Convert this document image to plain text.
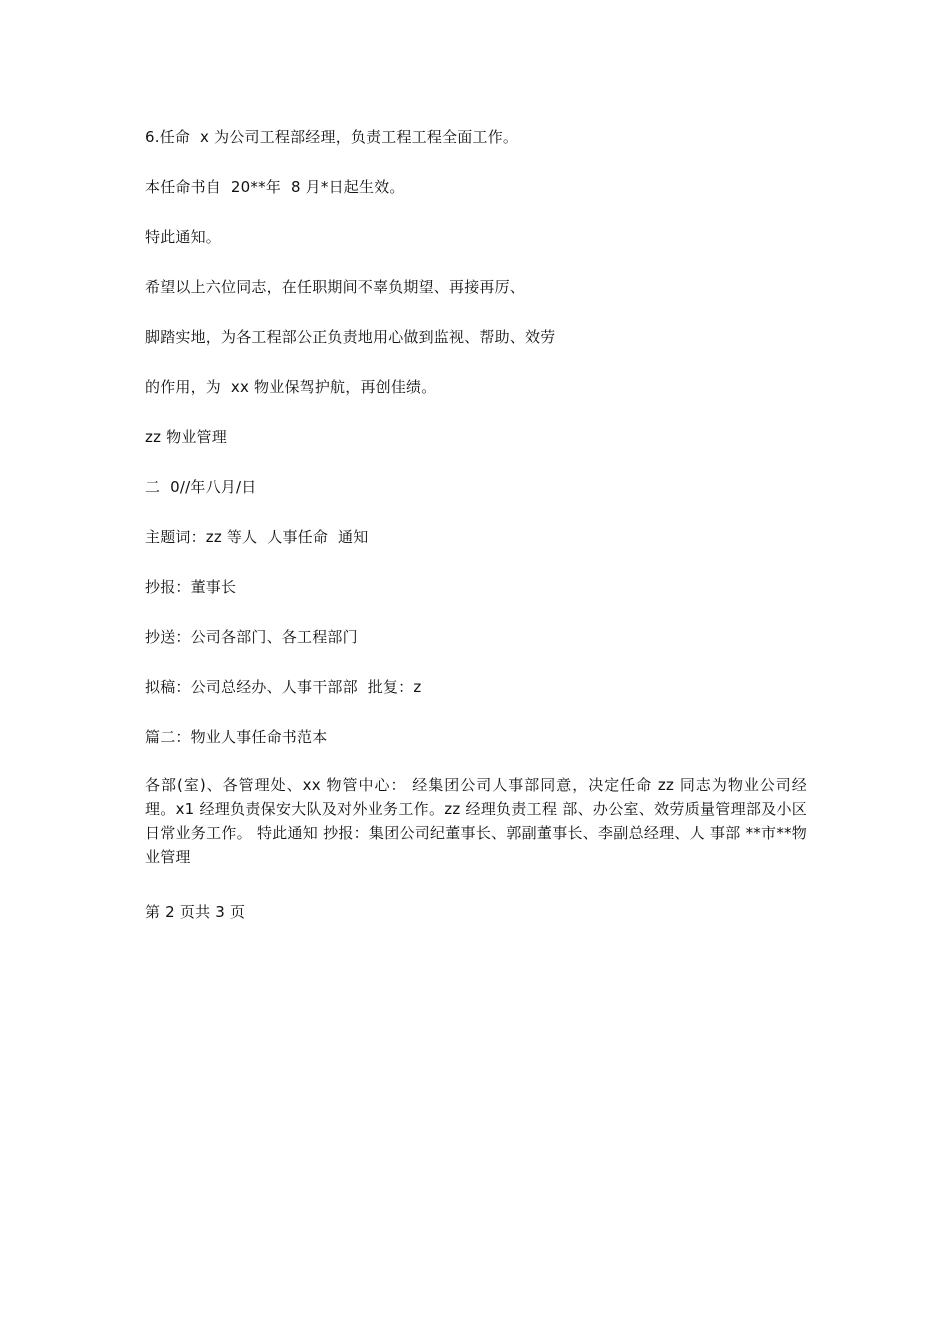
6.任命  x 为公司工程部经理，负责工程工程全面工作。
本任命书自  20**年  8 月*日起生效。
特此通知。
希望以上六位同志，在任职期间不辜负期望、再接再厉、
脚踏实地，为各工程部公正负责地用心做到监视、帮助、效劳
的作用，为  xx 物业保驾护航，再创佳绩。
zz 物业管理
二  0//年八月/日
主题词：zz 等人  人事任命  通知
抄报：董事长
抄送：公司各部门、各工程部门
拟稿：公司总经办、人事干部部  批复：z
篇二：物业人事任命书范本
各部(室)、各管理处、xx 物管中心： 经集团公司人事部同意，决定任命 zz 同志为物业公司经 理。x1 经理负责保安大队及对外业务工作。zz 经理负责工程 部、办公室、效劳质量管理部及小区日常业务工作。 特此通知 抄报：集团公司纪董事长、郭副董事长、李副总经理、人 事部 **市**物业管理
第 2 页共 3 页
